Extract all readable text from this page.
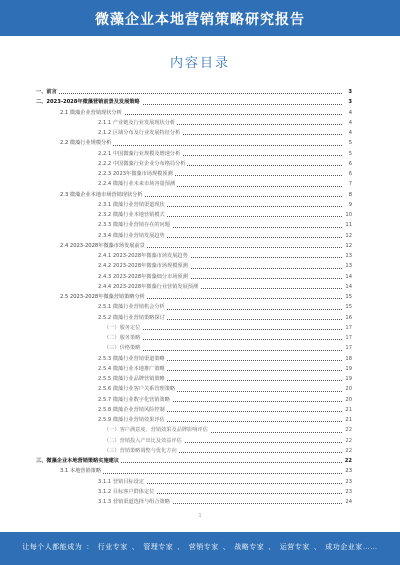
微藻企业本地营销策略研究报告
内容目录
一、前言	3
二、2023-2028年微藻营销前景及发展策略	3
2.1 微藻企业营销现状分析	4
2.1.1 产业链及行业发展现状分析	4
2.1.2 区域分布及行业发展特征分析	4
2.2 微藻行业规模分析	5
2.2.1 中国微藻行业规模及增速分析	5
2.2.2 中国微藻行业企业分布格局分析	6
2.2.3 2023年微藻市场规模预测	6
2.2.4 微藻行业未来市场容量预测	7
2.3 微藻企业本地市场营销现状分析	8
2.3.1 微藻行业营销渠道现状	9
2.3.2 微藻行业本地营销模式	10
2.3.3 微藻行业营销存在的问题	11
2.3.4 微藻行业营销发展趋势	12
2.4 2023-2028年微藻市场发展前景	12
2.4.1 2023-2028年微藻市场发展趋势	13
2.4.2 2023-2028年微藻市场规模预测	13
2.4.3 2023-2028年微藻细分市场预测	14
2.4.4 2023-2028年微藻行业营销发展预测	14
2.5 2023-2028年微藻营销策略分析	15
2.5.1 微藻行业营销机会分析	15
2.5.2 微藻行业营销策略探讨	16
（一）服务定位	17
（二）服务策略	17
（三）价格策略	17
2.5.3 微藻行业营销渠道策略	18
2.5.4 微藻行业本地推广策略	19
2.5.5 微藻行业品牌营销策略	19
2.5.6 微藻行业客户关系管理策略	20
2.5.7 微藻行业数字化营销策略	20
2.5.8 微藻企业营销风险控制	21
2.5.9 微藻行业营销效果评估	21
（一）客户满意度、营销效果及品牌影响评估	22
（二）营销投入产出比及效益评估	22
（三）营销策略调整与优化方向	22
三、微藻企业本地营销策略实施建议	22
3.1 本地营销策略	23
3.1.1 营销目标设定	23
3.1.2 目标客户群体定位	23
3.1.3 营销渠道选择与组合策略	24
1
让每个人都能成为 ： 行业专家 、 管理专家 、 营销专家 、 战略专家 、 运营专家 、 成功企业家……
